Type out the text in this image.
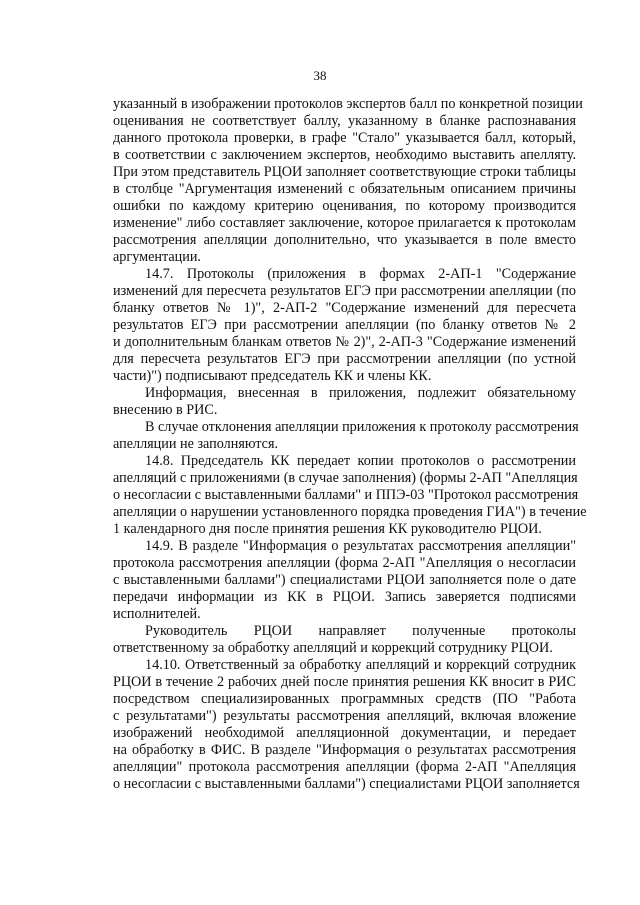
38
указанный в изображении протоколов экспертов балл по конкретной позиции
оценивания не соответствует баллу, указанному в бланке распознавания
данного протокола проверки, в графе "Стало" указывается балл, который,
в соответствии с заключением экспертов, необходимо выставить апелляту.
При этом представитель РЦОИ заполняет соответствующие строки таблицы
в столбце "Аргументация изменений с обязательным описанием причины
ошибки по каждому критерию оценивания, по которому производится
изменение" либо составляет заключение, которое прилагается к протоколам
рассмотрения апелляции дополнительно, что указывается в поле вместо
аргументации.
14.7. Протоколы (приложения в формах 2-АП-1 "Содержание
изменений для пересчета результатов ЕГЭ при рассмотрении апелляции (по
бланку ответов № 1)", 2-АП-2 "Содержание изменений для пересчета
результатов ЕГЭ при рассмотрении апелляции (по бланку ответов № 2
и дополнительным бланкам ответов № 2)", 2-АП-3 "Содержание изменений
для пересчета результатов ЕГЭ при рассмотрении апелляции (по устной
части)") подписывают председатель КК и члены КК.
Информация, внесенная в приложения, подлежит обязательному
внесению в РИС.
В случае отклонения апелляции приложения к протоколу рассмотрения
апелляции не заполняются.
14.8. Председатель КК передает копии протоколов о рассмотрении
апелляций с приложениями (в случае заполнения) (формы 2-АП "Апелляция
о несогласии с выставленными баллами" и ППЭ-03 "Протокол рассмотрения
апелляции о нарушении установленного порядка проведения ГИА") в течение
1 календарного дня после принятия решения КК руководителю РЦОИ.
14.9. В разделе "Информация о результатах рассмотрения апелляции"
протокола рассмотрения апелляции (форма 2-АП "Апелляция о несогласии
с выставленными баллами") специалистами РЦОИ заполняется поле о дате
передачи информации из КК в РЦОИ. Запись заверяется подписями
исполнителей.
Руководитель РЦОИ направляет полученные протоколы
ответственному за обработку апелляций и коррекций сотруднику РЦОИ.
14.10. Ответственный за обработку апелляций и коррекций сотрудник
РЦОИ в течение 2 рабочих дней после принятия решения КК вносит в РИС
посредством специализированных программных средств (ПО "Работа
с результатами") результаты рассмотрения апелляций, включая вложение
изображений необходимой апелляционной документации, и передает
на обработку в ФИС. В разделе "Информация о результатах рассмотрения
апелляции" протокола рассмотрения апелляции (форма 2-АП "Апелляция
о несогласии с выставленными баллами") специалистами РЦОИ заполняется
